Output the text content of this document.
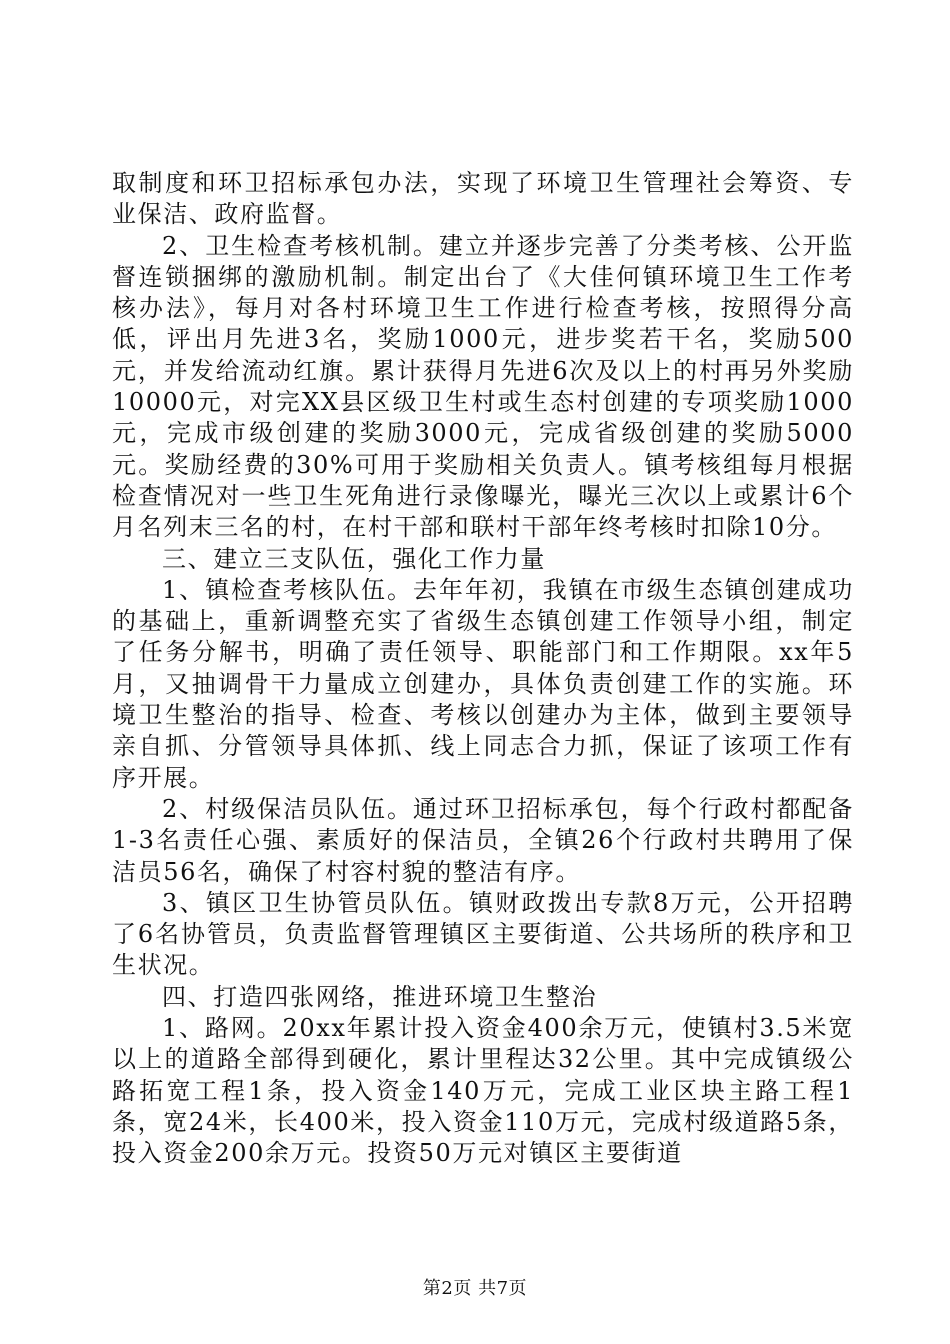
取制度和环卫招标承包办法，实现了环境卫生管理社会筹资、专业保洁、政府监督。

2、卫生检查考核机制。建立并逐步完善了分类考核、公开监督连锁捆绑的激励机制。制定出台了《大佳何镇环境卫生工作考核办法》，每月对各村环境卫生工作进行检查考核，按照得分高低，评出月先进3名，奖励1000元，进步奖若干名，奖励500元，并发给流动红旗。累计获得月先进6次及以上的村再另外奖励10000元，对完XX县区级卫生村或生态村创建的专项奖励1000元，完成市级创建的奖励3000元，完成省级创建的奖励5000元。奖励经费的30%可用于奖励相关负责人。镇考核组每月根据检查情况对一些卫生死角进行录像曝光，曝光三次以上或累计6个月名列末三名的村，在村干部和联村干部年终考核时扣除10分。

三、建立三支队伍，强化工作力量

1、镇检查考核队伍。去年年初，我镇在市级生态镇创建成功的基础上，重新调整充实了省级生态镇创建工作领导小组，制定了任务分解书，明确了责任领导、职能部门和工作期限。xx年5月，又抽调骨干力量成立创建办，具体负责创建工作的实施。环境卫生整治的指导、检查、考核以创建办为主体，做到主要领导亲自抓、分管领导具体抓、线上同志合力抓，保证了该项工作有序开展。

2、村级保洁员队伍。通过环卫招标承包，每个行政村都配备1-3名责任心强、素质好的保洁员，全镇26个行政村共聘用了保洁员56名，确保了村容村貌的整洁有序。

3、镇区卫生协管员队伍。镇财政拨出专款8万元，公开招聘了6名协管员，负责监督管理镇区主要街道、公共场所的秩序和卫生状况。

四、打造四张网络，推进环境卫生整治

1、路网。20xx年累计投入资金400余万元，使镇村3.5米宽以上的道路全部得到硬化，累计里程达32公里。其中完成镇级公路拓宽工程1条，投入资金140万元，完成工业区块主路工程1条，宽24米，长400米，投入资金110万元，完成村级道路5条，投入资金200余万元。投资50万元对镇区主要街道

第2页 共7页
